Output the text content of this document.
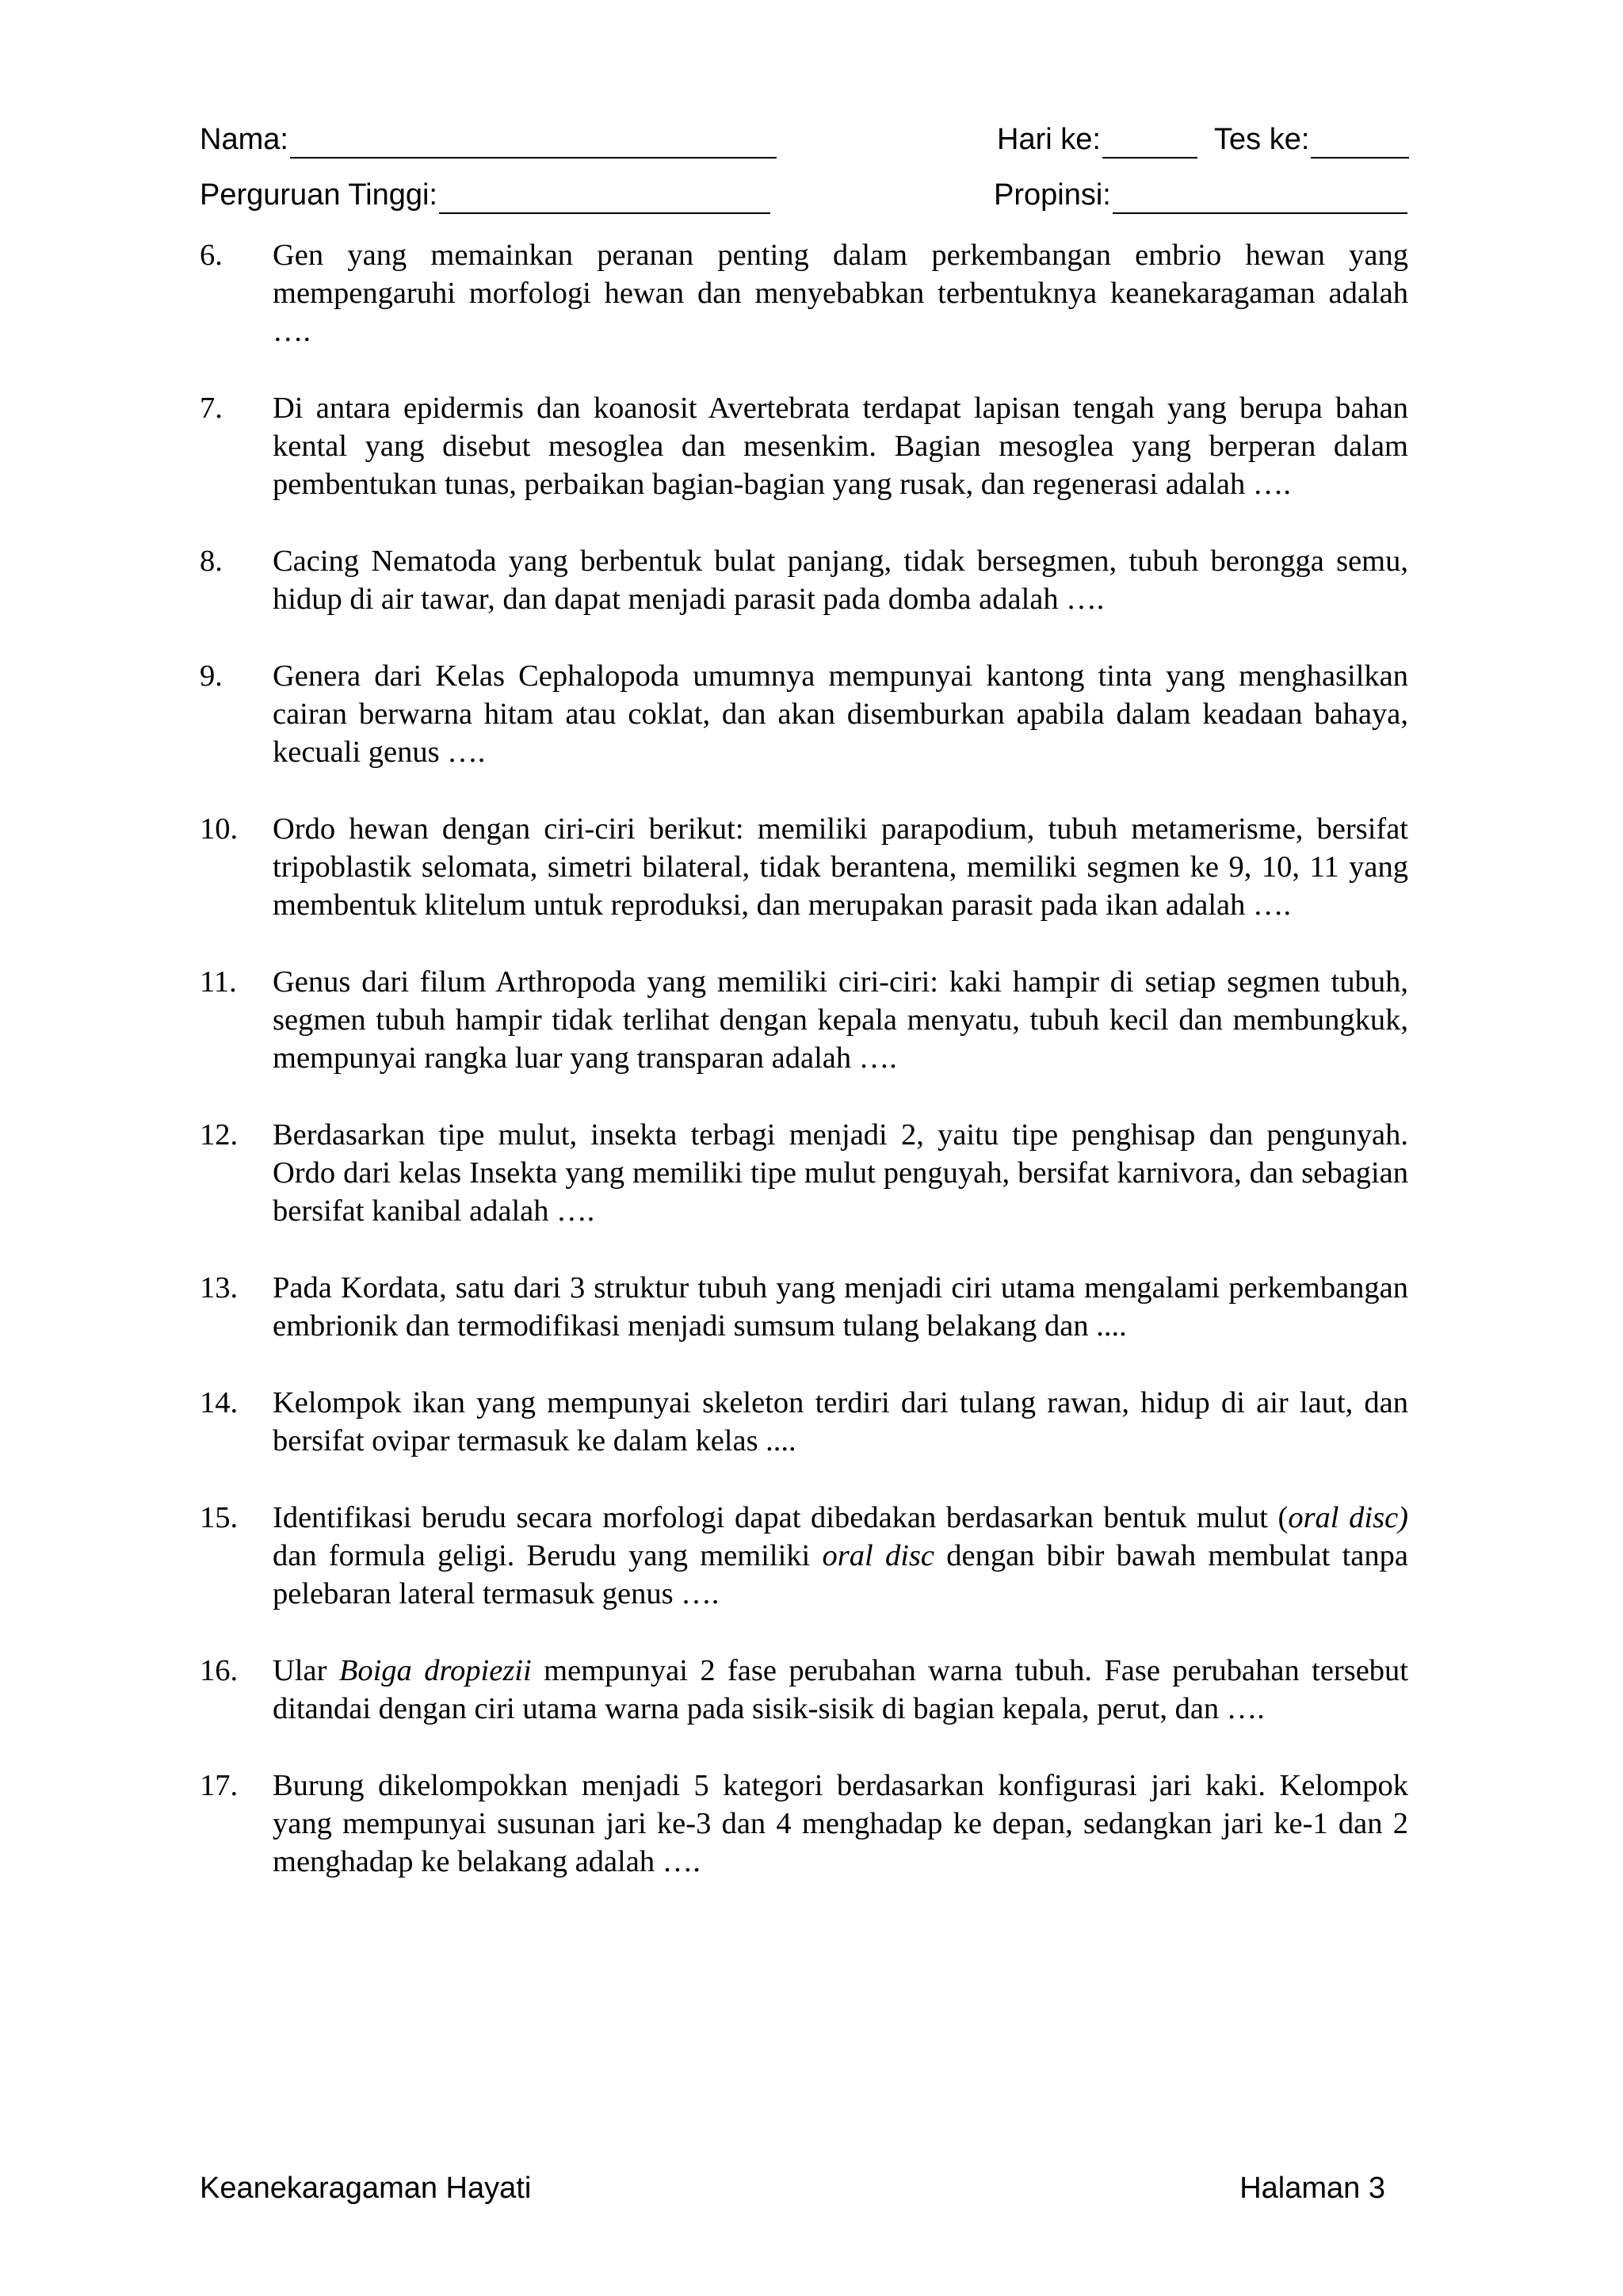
Nama:	Hari ke:	Tes ke:
Perguruan Tinggi:	Propinsi:
6.	Gen yang memainkan peranan penting dalam perkembangan embrio hewan yang mempengaruhi morfologi hewan dan menyebabkan terbentuknya keanekaragaman adalah ….
7.	Di antara epidermis dan koanosit Avertebrata terdapat lapisan tengah yang berupa bahan kental yang disebut mesoglea dan mesenkim. Bagian mesoglea yang berperan dalam pembentukan tunas, perbaikan bagian-bagian yang rusak, dan regenerasi adalah ….
8.	Cacing Nematoda yang berbentuk bulat panjang, tidak bersegmen, tubuh berongga semu, hidup di air tawar, dan dapat menjadi parasit pada domba adalah ….
9.	Genera dari Kelas Cephalopoda umumnya mempunyai kantong tinta yang menghasilkan cairan berwarna hitam atau coklat, dan akan disemburkan apabila dalam keadaan bahaya, kecuali genus ….
10.	Ordo hewan dengan ciri-ciri berikut: memiliki parapodium, tubuh metamerisme, bersifat tripoblastik selomata, simetri bilateral, tidak berantena, memiliki segmen ke 9, 10, 11 yang membentuk klitelum untuk reproduksi, dan merupakan parasit pada ikan adalah ….
11.	Genus dari filum Arthropoda yang memiliki ciri-ciri: kaki hampir di setiap segmen tubuh, segmen tubuh hampir tidak terlihat dengan kepala menyatu, tubuh kecil dan membungkuk, mempunyai rangka luar yang transparan adalah ….
12.	Berdasarkan tipe mulut, insekta terbagi menjadi 2, yaitu tipe penghisap dan pengunyah. Ordo dari kelas Insekta yang memiliki tipe mulut penguyah, bersifat karnivora, dan sebagian bersifat kanibal adalah ….
13.	Pada Kordata, satu dari 3 struktur tubuh yang menjadi ciri utama mengalami perkembangan embrionik dan termodifikasi menjadi sumsum tulang belakang dan ....
14.	Kelompok ikan yang mempunyai skeleton terdiri dari tulang rawan, hidup di air laut, dan bersifat ovipar termasuk ke dalam kelas ....
15.	Identifikasi berudu secara morfologi dapat dibedakan berdasarkan bentuk mulut (oral disc) dan formula geligi. Berudu yang memiliki oral disc dengan bibir bawah membulat tanpa pelebaran lateral termasuk genus ….
16.	Ular Boiga dropiezii mempunyai 2 fase perubahan warna tubuh. Fase perubahan tersebut ditandai dengan ciri utama warna pada sisik-sisik di bagian kepala, perut, dan ….
17.	Burung dikelompokkan menjadi 5 kategori berdasarkan konfigurasi jari kaki. Kelompok yang mempunyai susunan jari ke-3 dan 4 menghadap ke depan, sedangkan jari ke-1 dan 2 menghadap ke belakang adalah ….
Keanekaragaman Hayati	Halaman 3
